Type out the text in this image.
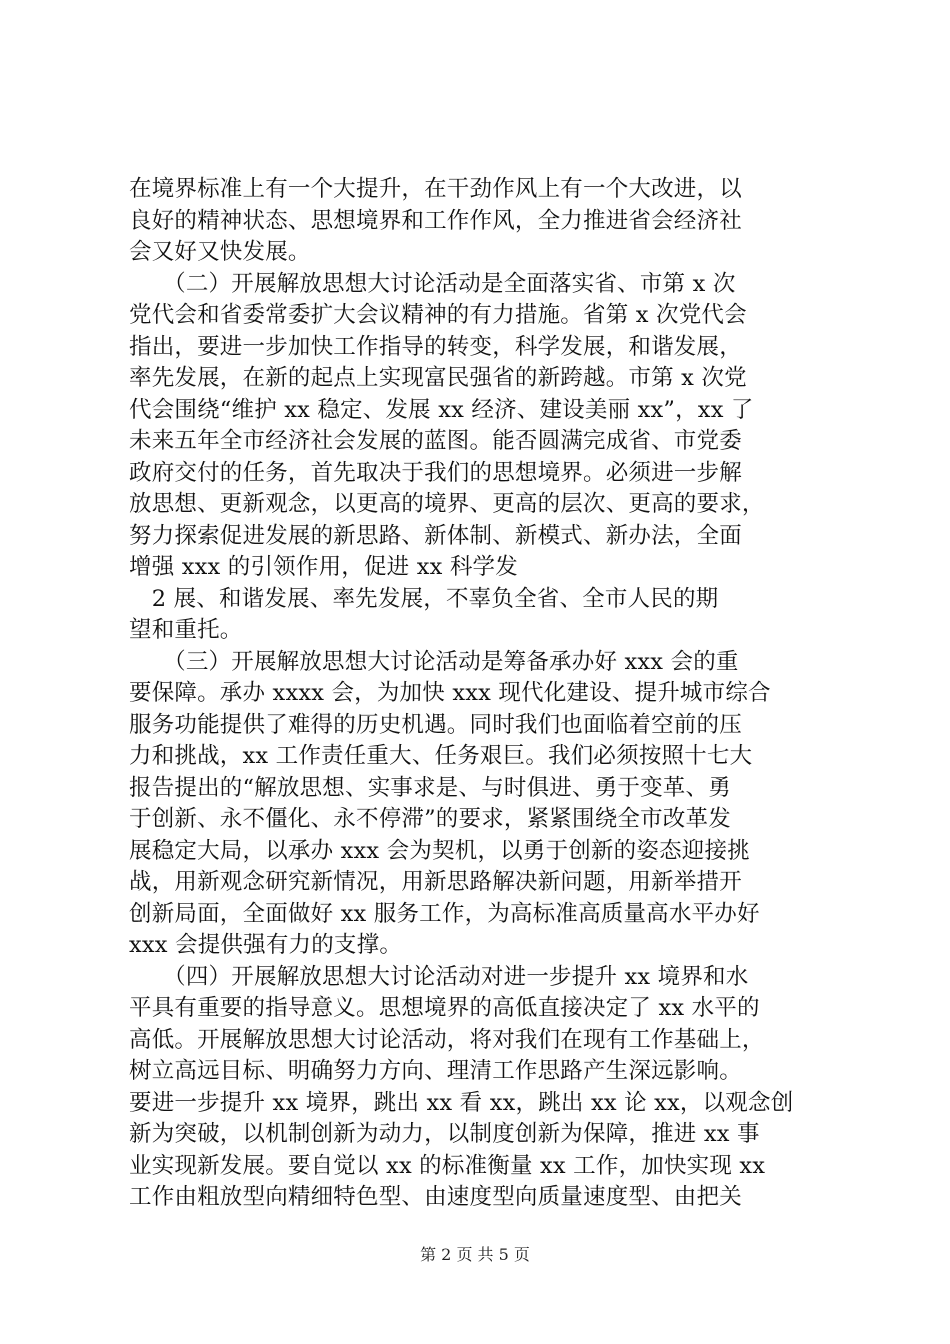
在境界标准上有一个大提升，在干劲作风上有一个大改进，以
良好的精神状态、思想境界和工作作风，全力推进省会经济社
会又好又快发展。
　　（二）开展解放思想大讨论活动是全面落实省、市第 x 次
党代会和省委常委扩大会议精神的有力措施。省第 x 次党代会
指出，要进一步加快工作指导的转变，科学发展，和谐发展，
率先发展，在新的起点上实现富民强省的新跨越。市第 x 次党
代会围绕“维护 xx 稳定、发展 xx 经济、建设美丽 xx”，xx 了
未来五年全市经济社会发展的蓝图。能否圆满完成省、市党委
政府交付的任务，首先取决于我们的思想境界。必须进一步解
放思想、更新观念，以更高的境界、更高的层次、更高的要求，
努力探索促进发展的新思路、新体制、新模式、新办法，全面
增强 xxx 的引领作用，促进 xx 科学发
　2 展、和谐发展、率先发展，不辜负全省、全市人民的期
望和重托。
　　（三）开展解放思想大讨论活动是筹备承办好 xxx 会的重
要保障。承办 xxxx 会，为加快 xxx 现代化建设、提升城市综合
服务功能提供了难得的历史机遇。同时我们也面临着空前的压
力和挑战，xx 工作责任重大、任务艰巨。我们必须按照十七大
报告提出的“解放思想、实事求是、与时俱进、勇于变革、勇
于创新、永不僵化、永不停滞”的要求，紧紧围绕全市改革发
展稳定大局，以承办 xxx 会为契机，以勇于创新的姿态迎接挑
战，用新观念研究新情况，用新思路解决新问题，用新举措开
创新局面，全面做好 xx 服务工作，为高标准高质量高水平办好
xxx 会提供强有力的支撑。
　　（四）开展解放思想大讨论活动对进一步提升 xx 境界和水
平具有重要的指导意义。思想境界的高低直接决定了 xx 水平的
高低。开展解放思想大讨论活动，将对我们在现有工作基础上，
树立高远目标、明确努力方向、理清工作思路产生深远影响。
要进一步提升 xx 境界，跳出 xx 看 xx，跳出 xx 论 xx，以观念创
新为突破，以机制创新为动力，以制度创新为保障，推进 xx 事
业实现新发展。要自觉以 xx 的标准衡量 xx 工作，加快实现 xx
工作由粗放型向精细特色型、由速度型向质量速度型、由把关
第 2 页 共 5 页
